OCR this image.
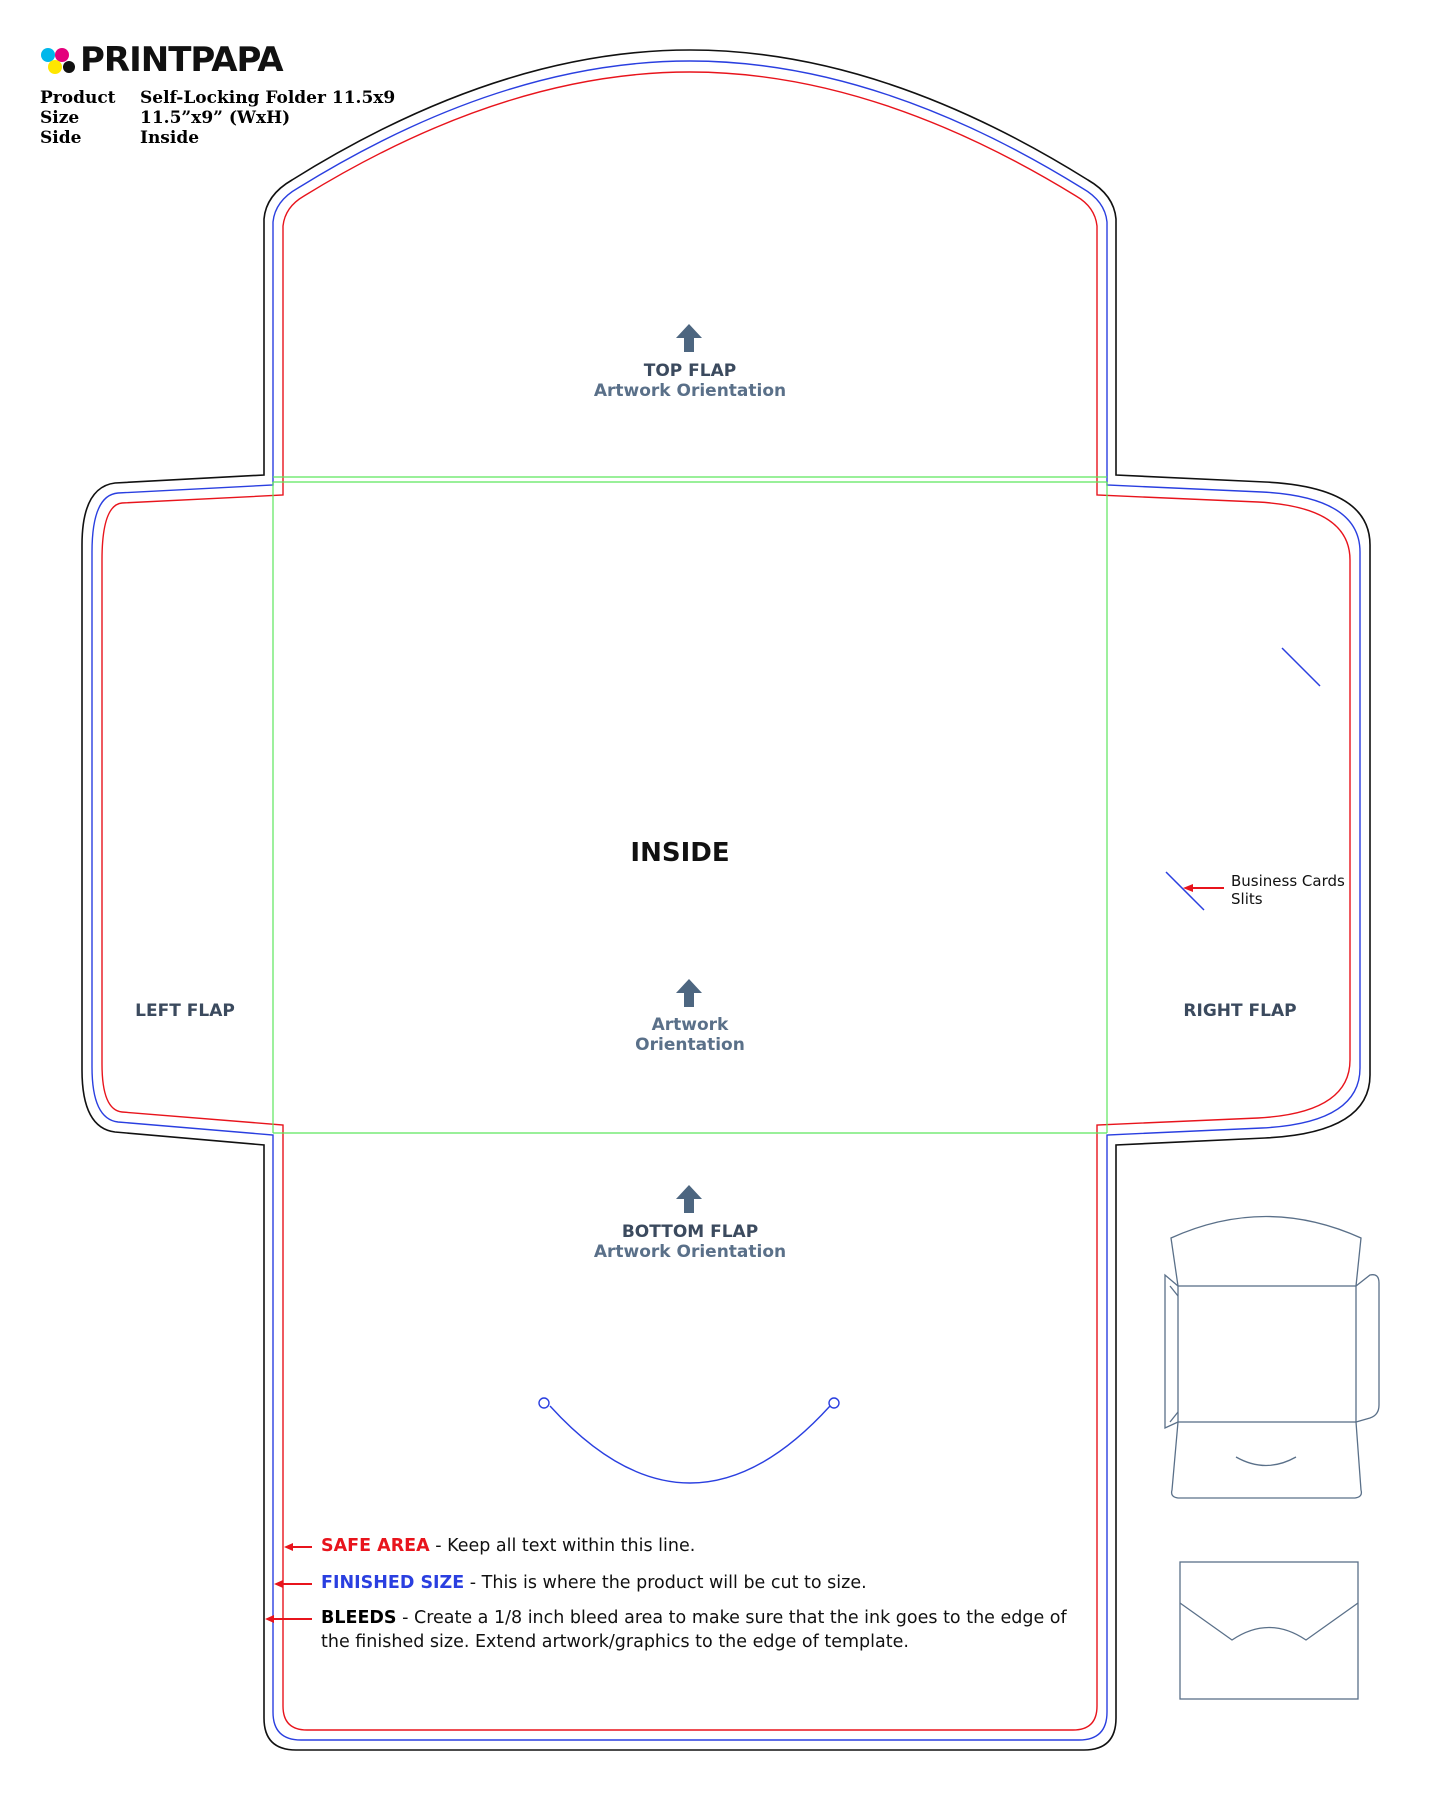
PRINTPAPA
Product	Self-Locking Folder 11.5x9
Size	11.5”x9” (WxH)
Side	Inside
TOP FLAP
Artwork Orientation
INSIDE
Artwork
Orientation
LEFT FLAP	RIGHT FLAP
BOTTOM FLAP
Artwork Orientation
Business Cards
Slits
SAFE AREA - Keep all text within this line.
FINISHED SIZE - This is where the product will be cut to size.
BLEEDS - Create a 1/8 inch bleed area to make sure that the ink goes to the edge of the finished size. Extend artwork/graphics to the edge of template.
